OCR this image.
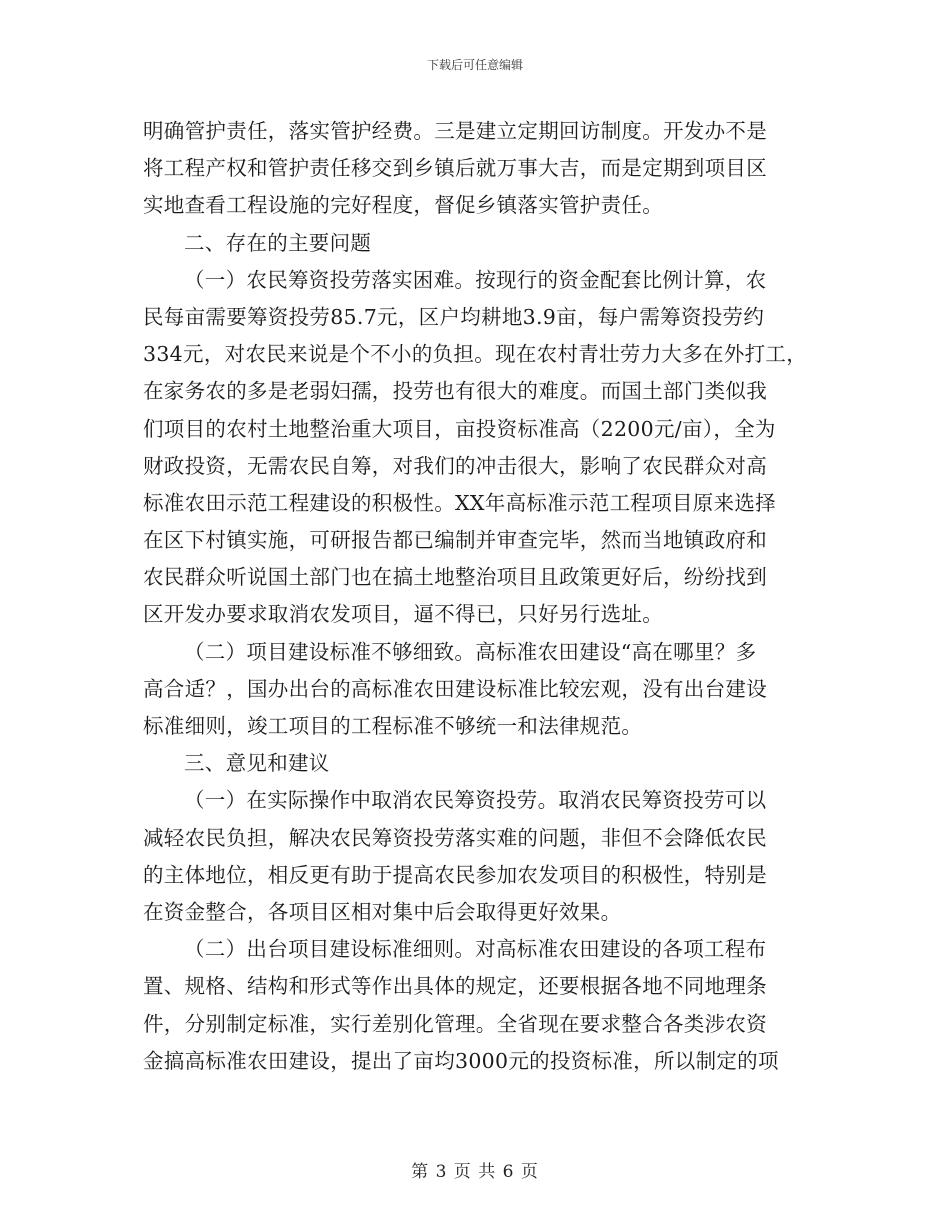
下载后可任意编辑
明确管护责任，落实管护经费。三是建立定期回访制度。开发办不是
将工程产权和管护责任移交到乡镇后就万事大吉，而是定期到项目区
实地查看工程设施的完好程度，督促乡镇落实管护责任。
二、存在的主要问题
（一）农民筹资投劳落实困难。按现行的资金配套比例计算，农
民每亩需要筹资投劳85.7元，区户均耕地3.9亩，每户需筹资投劳约
334元，对农民来说是个不小的负担。现在农村青壮劳力大多在外打工，
在家务农的多是老弱妇孺，投劳也有很大的难度。而国土部门类似我
们项目的农村土地整治重大项目，亩投资标准高（2200元/亩），全为
财政投资，无需农民自筹，对我们的冲击很大，影响了农民群众对高
标准农田示范工程建设的积极性。XX年高标准示范工程项目原来选择
在区下村镇实施，可研报告都已编制并审查完毕，然而当地镇政府和
农民群众听说国土部门也在搞土地整治项目且政策更好后，纷纷找到
区开发办要求取消农发项目，逼不得已，只好另行选址。
（二）项目建设标准不够细致。高标准农田建设“高在哪里？多
高合适？，国办出台的高标准农田建设标准比较宏观，没有出台建设
标准细则，竣工项目的工程标准不够统一和法律规范。
三、意见和建议
（一）在实际操作中取消农民筹资投劳。取消农民筹资投劳可以
减轻农民负担，解决农民筹资投劳落实难的问题，非但不会降低农民
的主体地位，相反更有助于提高农民参加农发项目的积极性，特别是
在资金整合，各项目区相对集中后会取得更好效果。
（二）出台项目建设标准细则。对高标准农田建设的各项工程布
置、规格、结构和形式等作出具体的规定，还要根据各地不同地理条
件，分别制定标准，实行差别化管理。全省现在要求整合各类涉农资
金搞高标准农田建设，提出了亩均3000元的投资标准，所以制定的项
第 3 页 共 6 页
